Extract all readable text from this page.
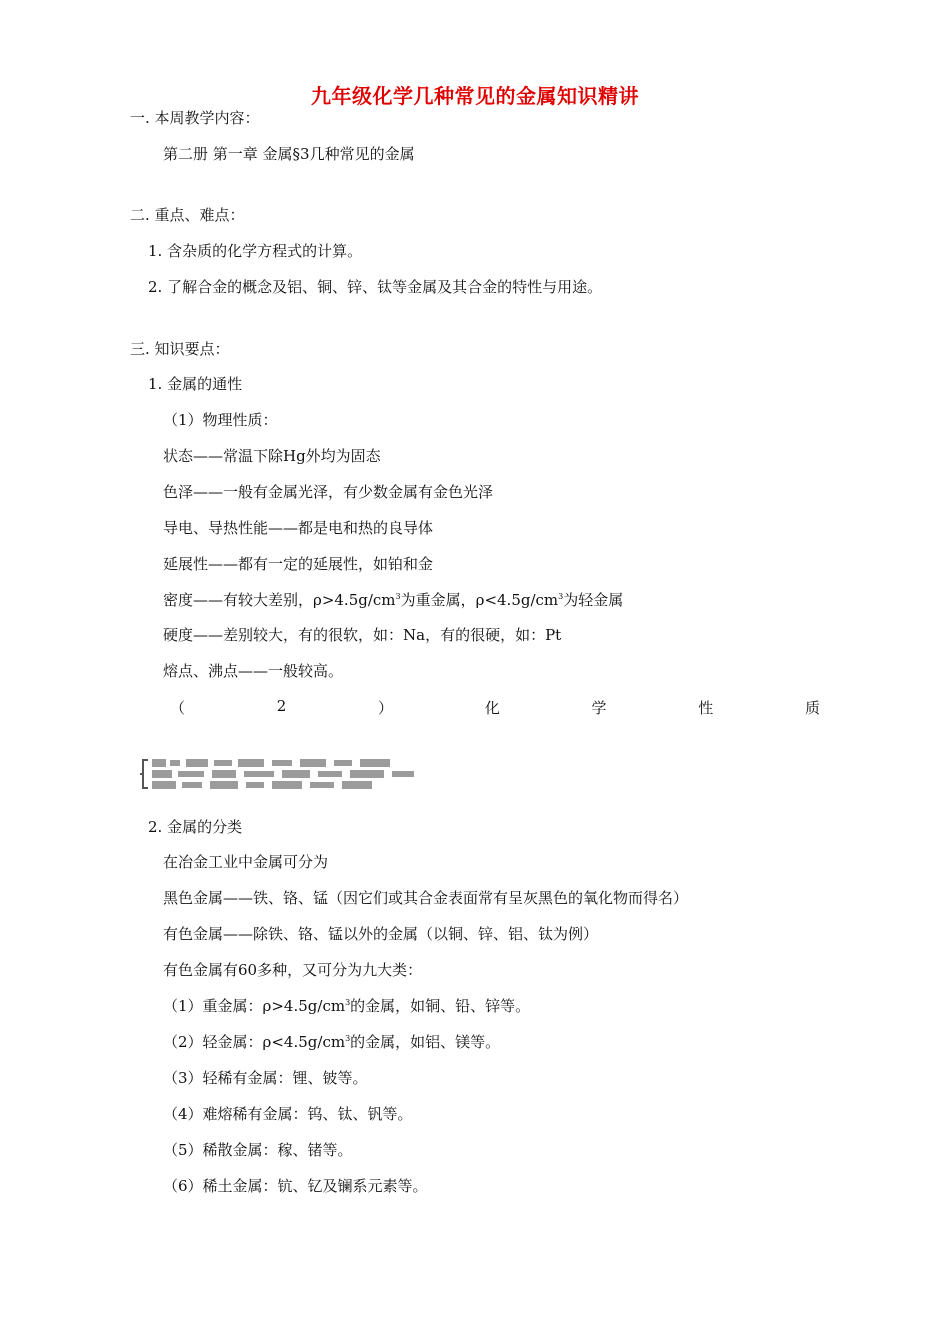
九年级化学几种常见的金属知识精讲
一. 本周教学内容：
第二册 第一章 金属§3几种常见的金属
二. 重点、难点：
1. 含杂质的化学方程式的计算。
2. 了解合金的概念及铝、铜、锌、钛等金属及其合金的特性与用途。
三. 知识要点：
1. 金属的通性
（1）物理性质：
状态——常温下除Hg外均为固态
色泽——一般有金属光泽，有少数金属有金色光泽
导电、导热性能——都是电和热的良导体
延展性——都有一定的延展性，如铂和金
密度——有较大差别，$\rho>4.5g/cm^3$为重金属，$\rho<4.5g/cm^3$为轻金属
硬度——差别较大，有的很软，如：Na，有的很硬，如：Pt
熔点、沸点——一般较高。
（	2	）	化	学	性	质
2. 金属的分类
在冶金工业中金属可分为
黑色金属——铁、铬、锰（因它们或其合金表面常有呈灰黑色的氧化物而得名）
有色金属——除铁、铬、锰以外的金属（以铜、锌、铝、钛为例）
有色金属有60多种，又可分为九大类：
（1）重金属：$\rho>4.5g/cm^3$的金属，如铜、铅、锌等。
（2）轻金属：$\rho<4.5g/cm^3$的金属，如铝、镁等。
（3）轻稀有金属：锂、铍等。
（4）难熔稀有金属：钨、钛、钒等。
（5）稀散金属：稼、锗等。
（6）稀土金属：钪、钇及镧系元素等。
